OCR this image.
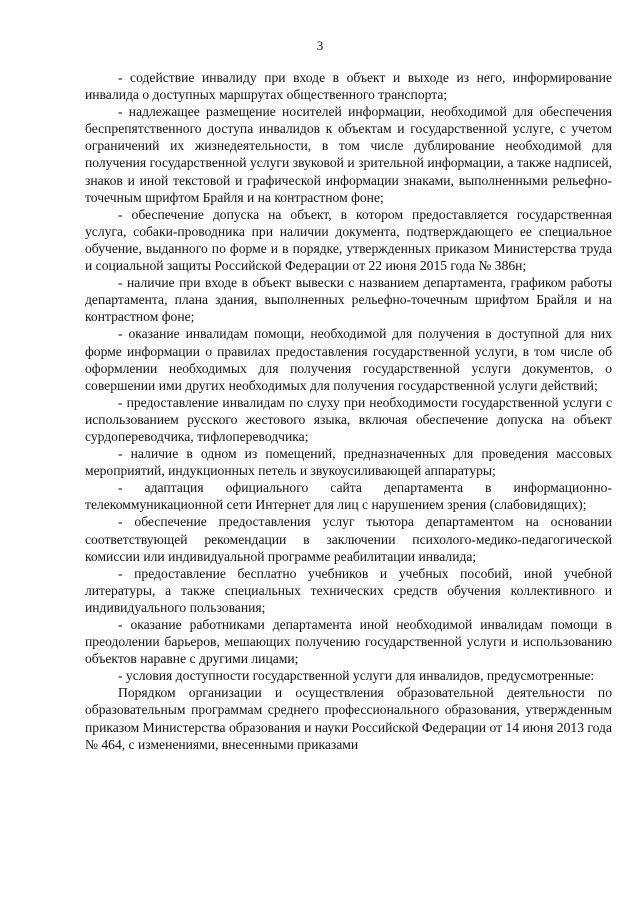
3

- содействие инвалиду при входе в объект и выходе из него, информирование инвалида о доступных маршрутах общественного транспорта;

- надлежащее размещение носителей информации, необходимой для обеспечения беспрепятственного доступа инвалидов к объектам и государственной услуге, с учетом ограничений их жизнедеятельности, в том числе дублирование необходимой для получения государственной услуги звуковой и зрительной информации, а также надписей, знаков и иной текстовой и графической информации знаками, выполненными рельефно-точечным шрифтом Брайля и на контрастном фоне;

- обеспечение допуска на объект, в котором предоставляется государственная услуга, собаки-проводника при наличии документа, подтверждающего ее специальное обучение, выданного по форме и в порядке, утвержденных приказом Министерства труда и социальной защиты Российской Федерации от 22 июня 2015 года № 386н;

- наличие при входе в объект вывески с названием департамента, графиком работы департамента, плана здания, выполненных рельефно-точечным шрифтом Брайля и на контрастном фоне;

- оказание инвалидам помощи, необходимой для получения в доступной для них форме информации о правилах предоставления государственной услуги, в том числе об оформлении необходимых для получения государственной услуги документов, о совершении ими других необходимых для получения государственной услуги действий;

- предоставление инвалидам по слуху при необходимости государственной услуги с использованием русского жестового языка, включая обеспечение допуска на объект сурдопереводчика, тифлопереводчика;

- наличие в одном из помещений, предназначенных для проведения массовых мероприятий, индукционных петель и звукоусиливающей аппаратуры;

- адаптация официального сайта департамента в информационно-телекоммуникационной сети Интернет для лиц с нарушением зрения (слабовидящих);

- обеспечение предоставления услуг тьютора департаментом на основании соответствующей рекомендации в заключении психолого-медико-педагогической комиссии или индивидуальной программе реабилитации инвалида;

- предоставление бесплатно учебников и учебных пособий, иной учебной литературы, а также специальных технических средств обучения коллективного и индивидуального пользования;

- оказание работниками департамента иной необходимой инвалидам помощи в преодолении барьеров, мешающих получению государственной услуги и использованию объектов наравне с другими лицами;

- условия доступности государственной услуги для инвалидов, предусмотренные:

Порядком организации и осуществления образовательной деятельности по образовательным программам среднего профессионального образования, утвержденным приказом Министерства образования и науки Российской Федерации от 14 июня 2013 года № 464, с изменениями, внесенными приказами
